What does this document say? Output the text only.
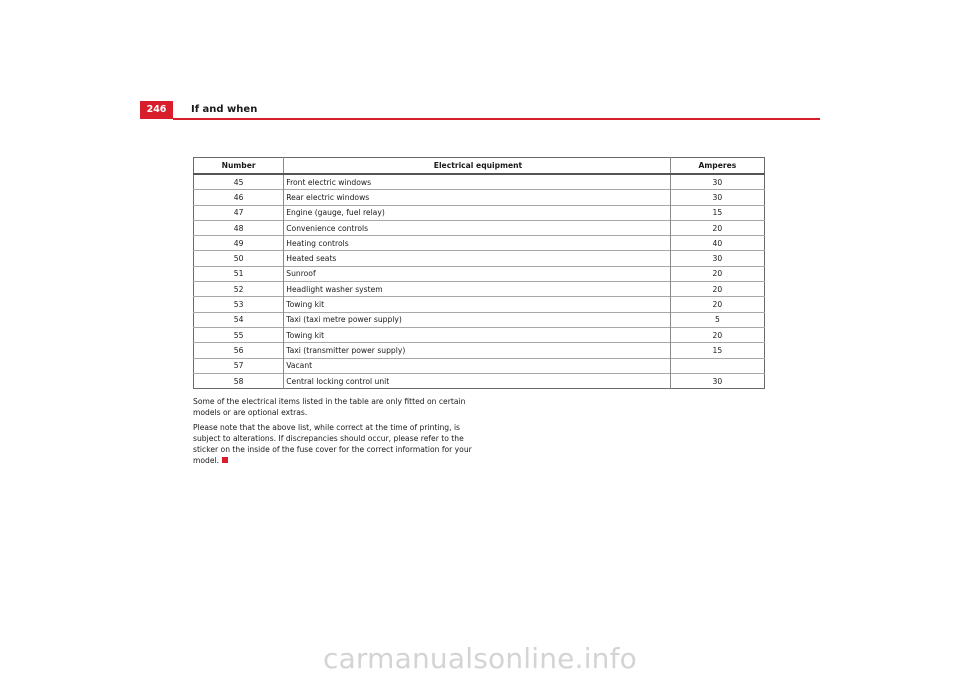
246	If and when
Number	Electrical equipment	Amperes
45	Front electric windows	30
46	Rear electric windows	30
47	Engine (gauge, fuel relay)	15
48	Convenience controls	20
49	Heating controls	40
50	Heated seats	30
51	Sunroof	20
52	Headlight washer system	20
53	Towing kit	20
54	Taxi (taxi metre power supply)	5
55	Towing kit	20
56	Taxi (transmitter power supply)	15
57	Vacant	
58	Central locking control unit	30

Some of the electrical items listed in the table are only fitted on certain models or are optional extras.

Please note that the above list, while correct at the time of printing, is subject to alterations. If discrepancies should occur, please refer to the sticker on the inside of the fuse cover for the correct information for your model.

carmanualsonline.info
